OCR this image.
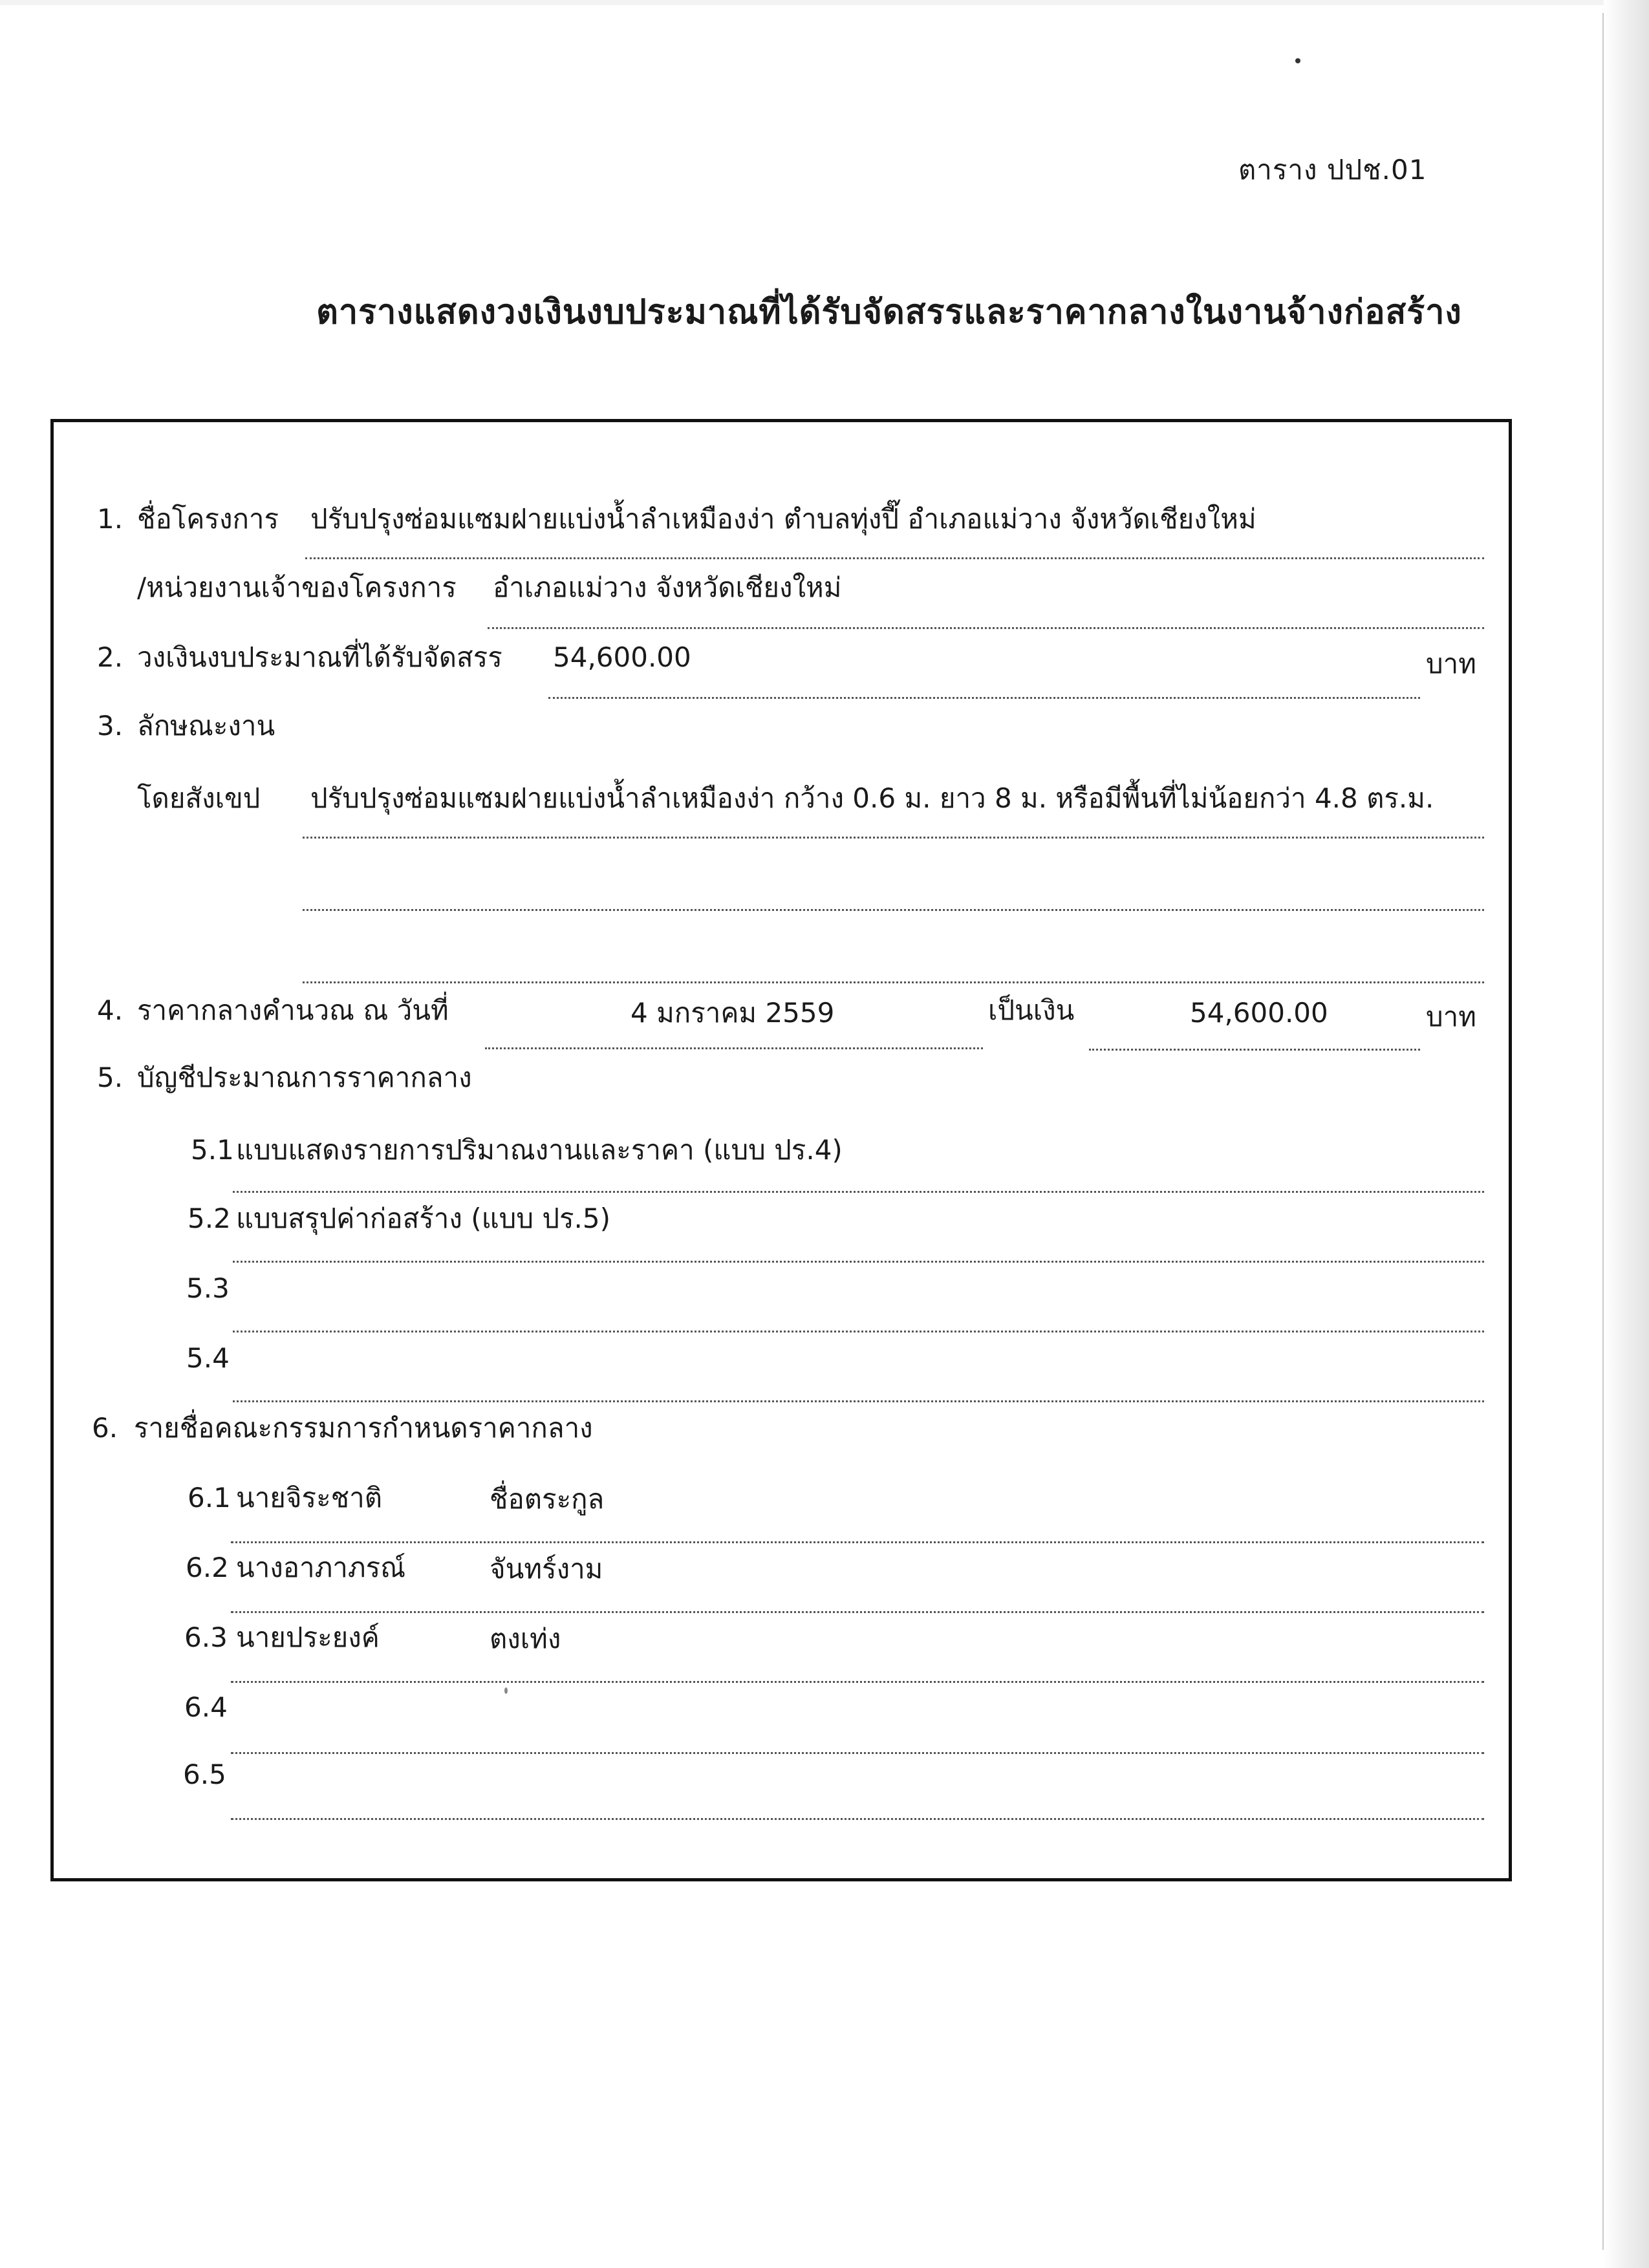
ตาราง ปปช.01
ตารางแสดงวงเงินงบประมาณที่ได้รับจัดสรรและราคากลางในงานจ้างก่อสร้าง
1. ชื่อโครงการ ปรับปรุงซ่อมแซมฝายแบ่งน้ำลำเหมืองง่า ตำบลทุ่งปี๊ อำเภอแม่วาง จังหวัดเชียงใหม่
/หน่วยงานเจ้าของโครงการ อำเภอแม่วาง จังหวัดเชียงใหม่
2. วงเงินงบประมาณที่ได้รับจัดสรร 54,600.00	บาท
3. ลักษณะงาน
โดยสังเขป ปรับปรุงซ่อมแซมฝายแบ่งน้ำลำเหมืองง่า กว้าง 0.6 ม. ยาว 8 ม. หรือมีพื้นที่ไม่น้อยกว่า 4.8 ตร.ม.
4. ราคากลางคำนวณ ณ วันที่	4 มกราคม 2559	เป็นเงิน	54,600.00	บาท
5. บัญชีประมาณการราคากลาง
5.1 แบบแสดงรายการปริมาณงานและราคา (แบบ ปร.4)
5.2 แบบสรุปค่าก่อสร้าง (แบบ ปร.5)
5.3
5.4
6. รายชื่อคณะกรรมการกำหนดราคากลาง
6.1 นายจิระชาติ	ชื่อตระกูล
6.2 นางอาภาภรณ์	จันทร์งาม
6.3 นายประยงค์	ตงเท่ง
6.4
6.5
